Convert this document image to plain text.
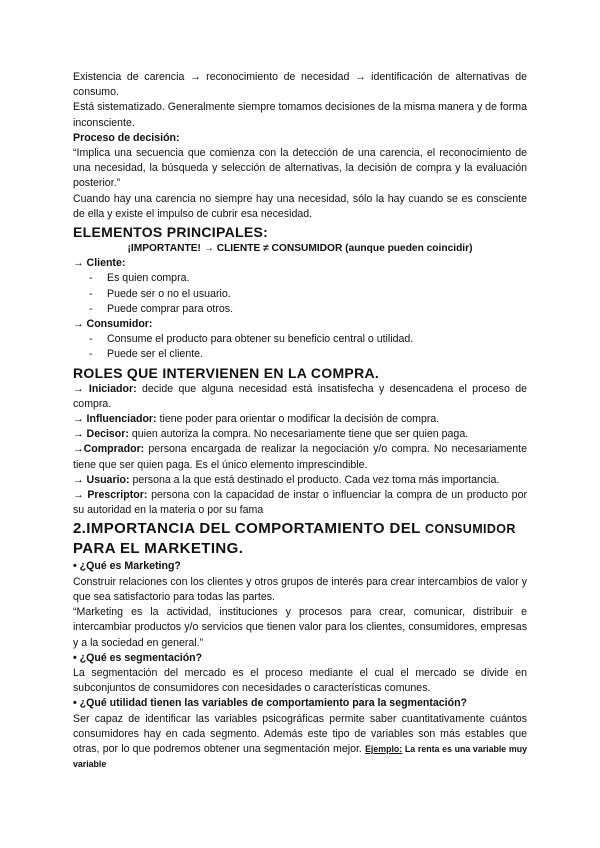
Existencia de carencia → reconocimiento de necesidad → identificación de alternativas de consumo.

Está sistematizado. Generalmente siempre tomamos decisiones de la misma manera y de forma inconsciente.

Proceso de decisión:

“Implica una secuencia que comienza con la detección de una carencia, el reconocimiento de una necesidad, la búsqueda y selección de alternativas, la decisión de compra y la evaluación posterior.”

Cuando hay una carencia no siempre hay una necesidad, sólo la hay cuando se es consciente de ella y existe el impulso de cubrir esa necesidad.

ELEMENTOS PRINCIPALES:

¡IMPORTANTE! → CLIENTE ≠ CONSUMIDOR (aunque pueden coincidir)

→ Cliente:

- Es quien compra.
- Puede ser o no el usuario.
- Puede comprar para otros.

→ Consumidor:

- Consume el producto para obtener su beneficio central o utilidad.
- Puede ser el cliente.

ROLES QUE INTERVIENEN EN LA COMPRA.

→ Iniciador: decide que alguna necesidad está insatisfecha y desencadena el proceso de compra.

→ Influenciador: tiene poder para orientar o modificar la decisión de compra.

→ Decisor: quien autoriza la compra. No necesariamente tiene que ser quien paga.

→Comprador: persona encargada de realizar la negociación y/o compra. No necesariamente tiene que ser quien paga. Es el único elemento imprescindible.

→ Usuario: persona a la que está destinado el producto. Cada vez toma más importancia.

→ Prescriptor: persona con la capacidad de instar o influenciar la compra de un producto por su autoridad en la materia o por su fama

2.IMPORTANCIA DEL COMPORTAMIENTO DEL CONSUMIDOR
PARA EL MARKETING.

• ¿Qué es Marketing?

Construir relaciones con los clientes y otros grupos de interés para crear intercambios de valor y que sea satisfactorio para todas las partes.

“Marketing es la actividad, instituciones y procesos para crear, comunicar, distribuir e intercambiar productos y/o servicios que tienen valor para los clientes, consumidores, empresas y a la sociedad en general.”

• ¿Qué es segmentación?

La segmentación del mercado es el proceso mediante el cual el mercado se divide en subconjuntos de consumidores con necesidades o características comunes.

• ¿Qué utilidad tienen las variables de comportamiento para la segmentación?

Ser capaz de identificar las variables psicográficas permite saber cuantitativamente cuántos consumidores hay en cada segmento. Además este tipo de variables son más estables que otras, por lo que podremos obtener una segmentación mejor. Ejemplo: La renta es una variable muy variable
